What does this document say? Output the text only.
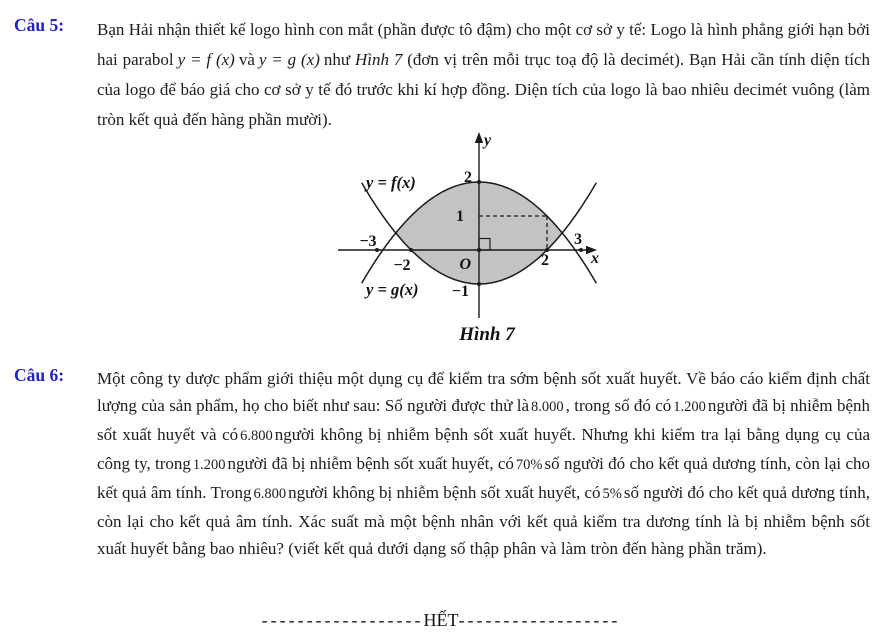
Câu 5: Bạn Hải nhận thiết kế logo hình con mắt (phần được tô đậm) cho một cơ sở y tế: Logo là hình phẳng giới hạn bởi hai parabol y = f (x) và y = g (x) như Hình 7 (đơn vị trên mỗi trục toạ độ là decimét). Bạn Hải cần tính diện tích của logo để báo giá cho cơ sở y tế đó trước khi kí hợp đồng. Diện tích của logo là bao nhiêu decimét vuông (làm tròn kết quả đến hàng phần mười).
y = f(x)
y = g(x)
2
1
−1
−3
−2	2
3
O	x
y
Hình 7
Câu 6: Một công ty dược phẩm giới thiệu một dụng cụ để kiểm tra sớm bệnh sốt xuất huyết. Về báo cáo kiểm định chất lượng của sản phẩm, họ cho biết như sau: Số người được thử là 8.000 , trong số đó có 1.200 người đã bị nhiễm bệnh sốt xuất huyết và có 6.800 người không bị nhiễm bệnh sốt xuất huyết. Nhưng khi kiểm tra lại bằng dụng cụ của công ty, trong 1.200 người đã bị nhiễm bệnh sốt xuất huyết, có 70% số người đó cho kết quả dương tính, còn lại cho kết quả âm tính. Trong 6.800 người không bị nhiễm bệnh sốt xuất huyết, có 5% số người đó cho kết quả dương tính, còn lại cho kết quả âm tính. Xác suất mà một bệnh nhân với kết quả kiểm tra dương tính là bị nhiễm bệnh sốt xuất huyết bằng bao nhiêu? (viết kết quả dưới dạng số thập phân và làm tròn đến hàng phần trăm).
------------------HẾT------------------
